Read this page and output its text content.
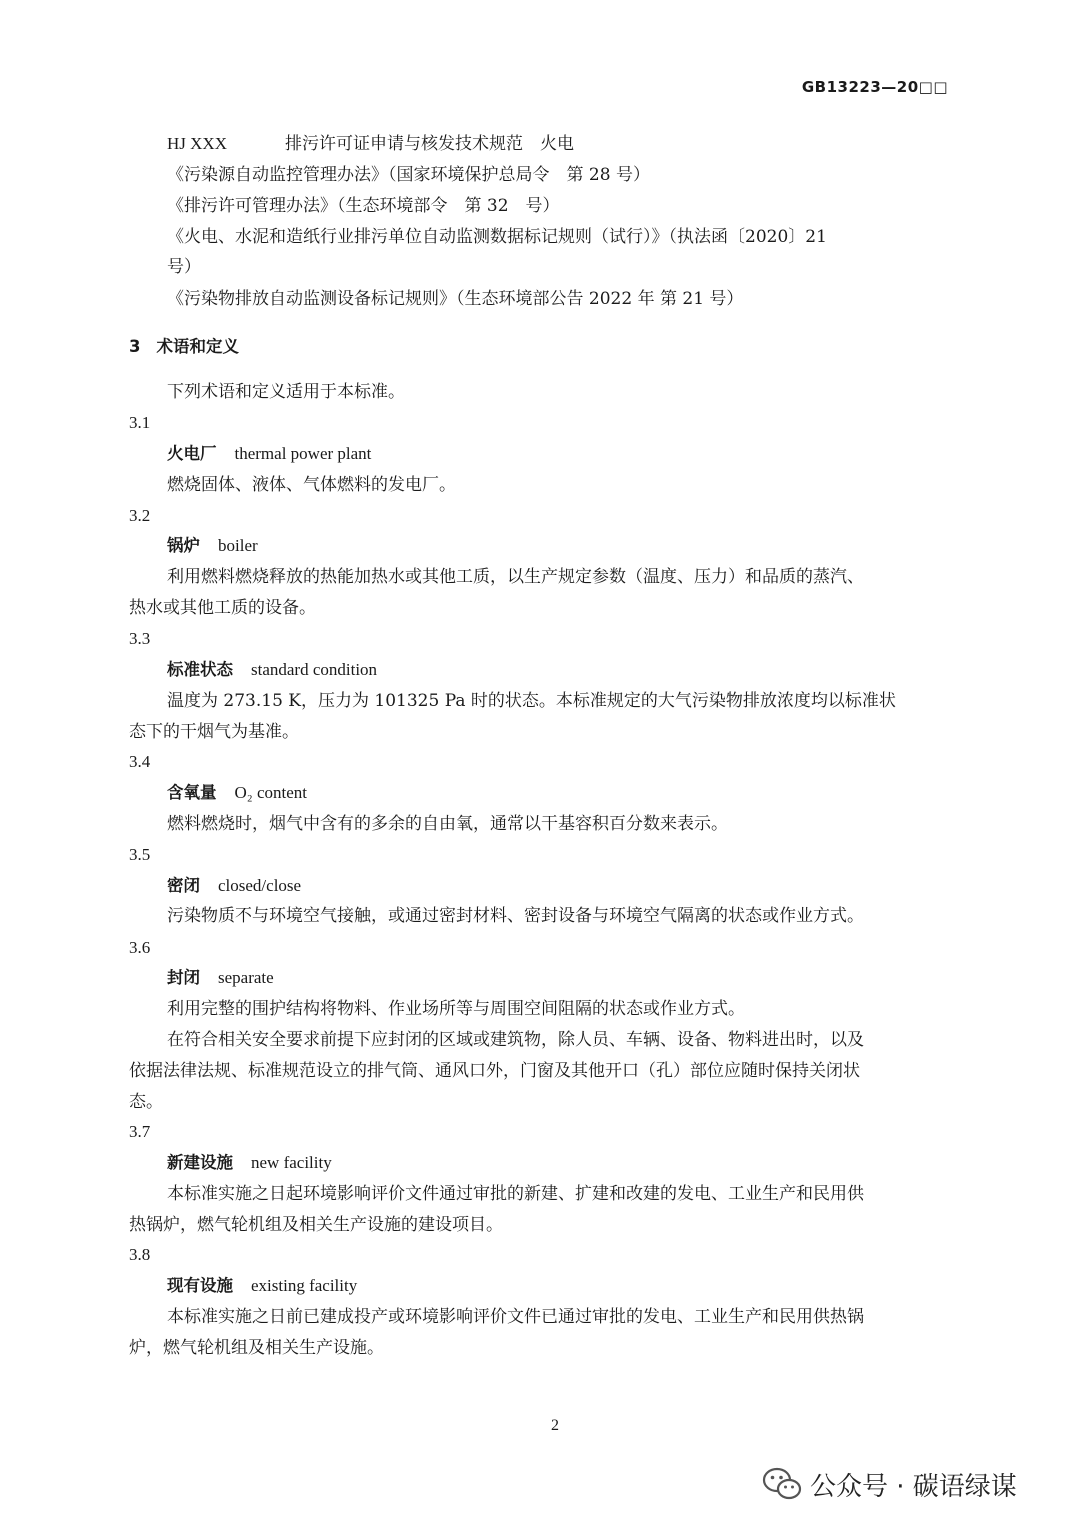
GB13223—20□□
HJ XXX	排污许可证申请与核发技术规范　火电
《污染源自动监控管理办法》（国家环境保护总局令　第 28 号）
《排污许可管理办法》（生态环境部令　第 32　号）
《火电、水泥和造纸行业排污单位自动监测数据标记规则（试行）》（执法函〔2020〕21
号）
《污染物排放自动监测设备标记规则》（生态环境部公告 2022 年 第 21 号）
3 术语和定义
下列术语和定义适用于本标准。
3.1
火电厂 thermal power plant
燃烧固体、液体、气体燃料的发电厂。
3.2
锅炉 boiler
利用燃料燃烧释放的热能加热水或其他工质，以生产规定参数（温度、压力）和品质的蒸汽、
热水或其他工质的设备。
3.3
标准状态 standard condition
温度为 273.15 K，压力为 101325 Pa 时的状态。本标准规定的大气污染物排放浓度均以标准状
态下的干烟气为基准。
3.4
含氧量 O₂ content
燃料燃烧时，烟气中含有的多余的自由氧，通常以干基容积百分数来表示。
3.5
密闭 closed/close
污染物质不与环境空气接触，或通过密封材料、密封设备与环境空气隔离的状态或作业方式。
3.6
封闭 separate
利用完整的围护结构将物料、作业场所等与周围空间阻隔的状态或作业方式。
在符合相关安全要求前提下应封闭的区域或建筑物，除人员、车辆、设备、物料进出时，以及
依据法律法规、标准规范设立的排气筒、通风口外，门窗及其他开口（孔）部位应随时保持关闭状
态。
3.7
新建设施 new facility
本标准实施之日起环境影响评价文件通过审批的新建、扩建和改建的发电、工业生产和民用供
热锅炉，燃气轮机组及相关生产设施的建设项目。
3.8
现有设施 existing facility
本标准实施之日前已建成投产或环境影响评价文件已通过审批的发电、工业生产和民用供热锅
炉，燃气轮机组及相关生产设施。
2
公众号 · 碳语绿谋
